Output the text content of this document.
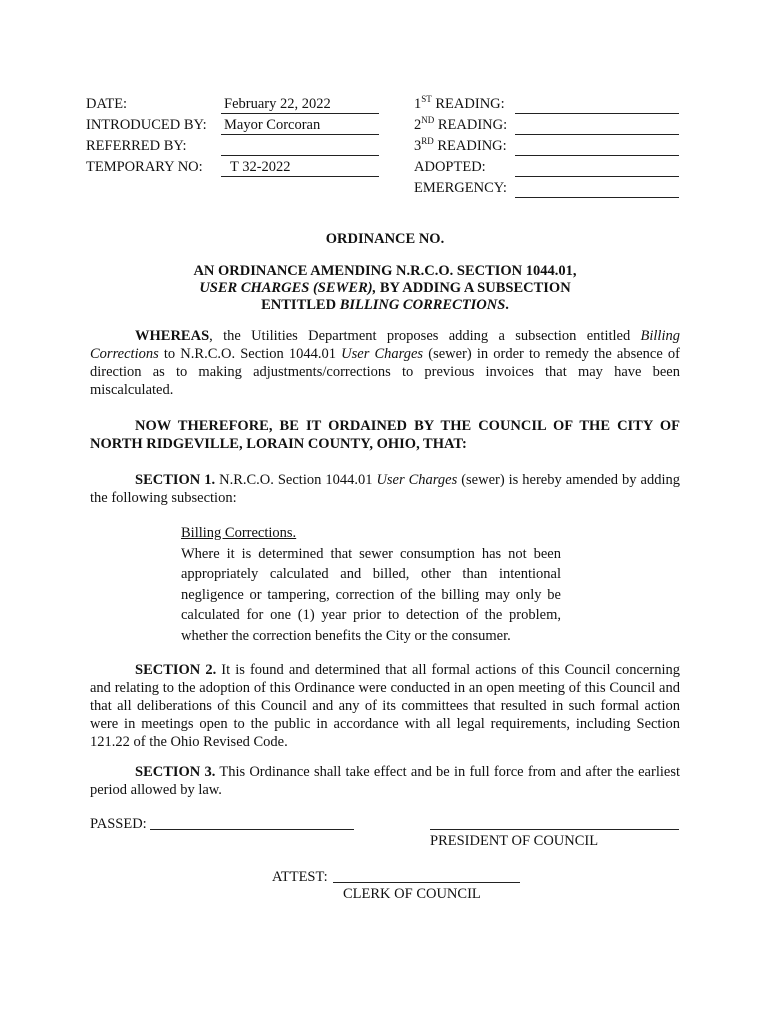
DATE:	February 22, 2022
INTRODUCED BY: Mayor Corcoran
REFERRED BY:
TEMPORARY NO: T 32-2022
1ST READING:
2ND READING:
3RD READING:
ADOPTED:
EMERGENCY:
ORDINANCE NO.
AN ORDINANCE AMENDING N.R.C.O. SECTION 1044.01,
USER CHARGES (SEWER), BY ADDING A SUBSECTION
ENTITLED BILLING CORRECTIONS.
WHEREAS, the Utilities Department proposes adding a subsection entitled Billing Corrections to N.R.C.O. Section 1044.01 User Charges (sewer) in order to remedy the absence of direction as to making adjustments/corrections to previous invoices that may have been miscalculated.
NOW THEREFORE, BE IT ORDAINED BY THE COUNCIL OF THE CITY OF NORTH RIDGEVILLE, LORAIN COUNTY, OHIO, THAT:
SECTION 1. N.R.C.O. Section 1044.01 User Charges (sewer) is hereby amended by adding the following subsection:
Billing Corrections.
Where it is determined that sewer consumption has not been appropriately calculated and billed, other than intentional negligence or tampering, correction of the billing may only be calculated for one (1) year prior to detection of the problem, whether the correction benefits the City or the consumer.
SECTION 2. It is found and determined that all formal actions of this Council concerning and relating to the adoption of this Ordinance were conducted in an open meeting of this Council and that all deliberations of this Council and any of its committees that resulted in such formal action were in meetings open to the public in accordance with all legal requirements, including Section 121.22 of the Ohio Revised Code.
SECTION 3. This Ordinance shall take effect and be in full force from and after the earliest period allowed by law.
PASSED:
PRESIDENT OF COUNCIL
ATTEST:
CLERK OF COUNCIL
